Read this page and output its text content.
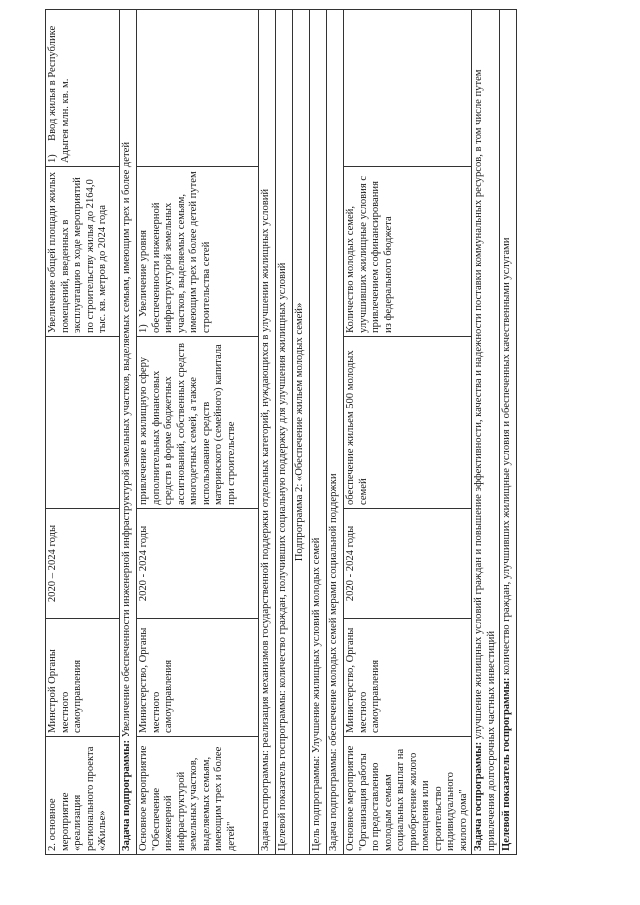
2. основное мероприятие «реализация регионального проекта «Жилье»	Минстрой Органы местного самоуправления	2020 – 2024 годы		Увеличение общей площади жилых помещений, введенных в эксплуатацию в ходе мероприятий по строительству жилья до 2164,0 тыс. кв. метров до 2024 года	1)Ввод жилья в Республике Адыгея млн. кв. м.
Задача подпрограммы: Увеличение обеспеченности инженерной инфраструктурой земельных участков, выделяемых семьям, имеющим трех и более детей					
Основное мероприятие "Обеспечение инженерной инфраструктурой земельных участков, выделяемых семьям, имеющим трех и более детей"	Министерство, Органы местного самоуправления	2020 - 2024 годы	привлечение в жилищную сферу дополнительных финансовых средств в форме бюджетных ассигнований, собственных средств многодетных семей, а также использование средств материнского (семейного) капитала при строительстве	1)Увеличение уровня обеспеченности инженерной инфраструктурой земельных участков, выделяемых семьям, имеющим трех и более детей путем строительства сетей	
Задача госпрограммы: реализация механизмов государственной поддержки отдельных категорий, нуждающихся в улучшении жилищных условий					
Целевой показатель госпрограммы: количество граждан, получивших социальную поддержку для улучшения жилищных условий					
Подпрограмма 2: «Обеспечение жильем молодых семей»					
Цель подпрограммы: Улучшение жилищных условий молодых семей					
Задача подпрограммы: обеспечение молодых семей мерами социальной поддержки					
Основное мероприятие "Организация работы по предоставлению молодым семьям социальных выплат на приобретение жилого помещения или строительство индивидуального жилого дома"	Министерство, Органы местного самоуправления	2020 - 2024 годы	обеспечение жильем 500 молодых семей	Количество молодых семей, улучшивших жилищные условия с привлечением софинансирования из федерального бюджета	
Задача госпрограммы: улучшение жилищных условий граждан и повышение эффективности, качества и надежности поставки коммунальных ресурсов, в том числе путем привлечения долгосрочных частных инвестиций					
Целевой показатель госпрограммы: количество граждан, улучшивших жилищные условия и обеспеченных качественными услугами					
